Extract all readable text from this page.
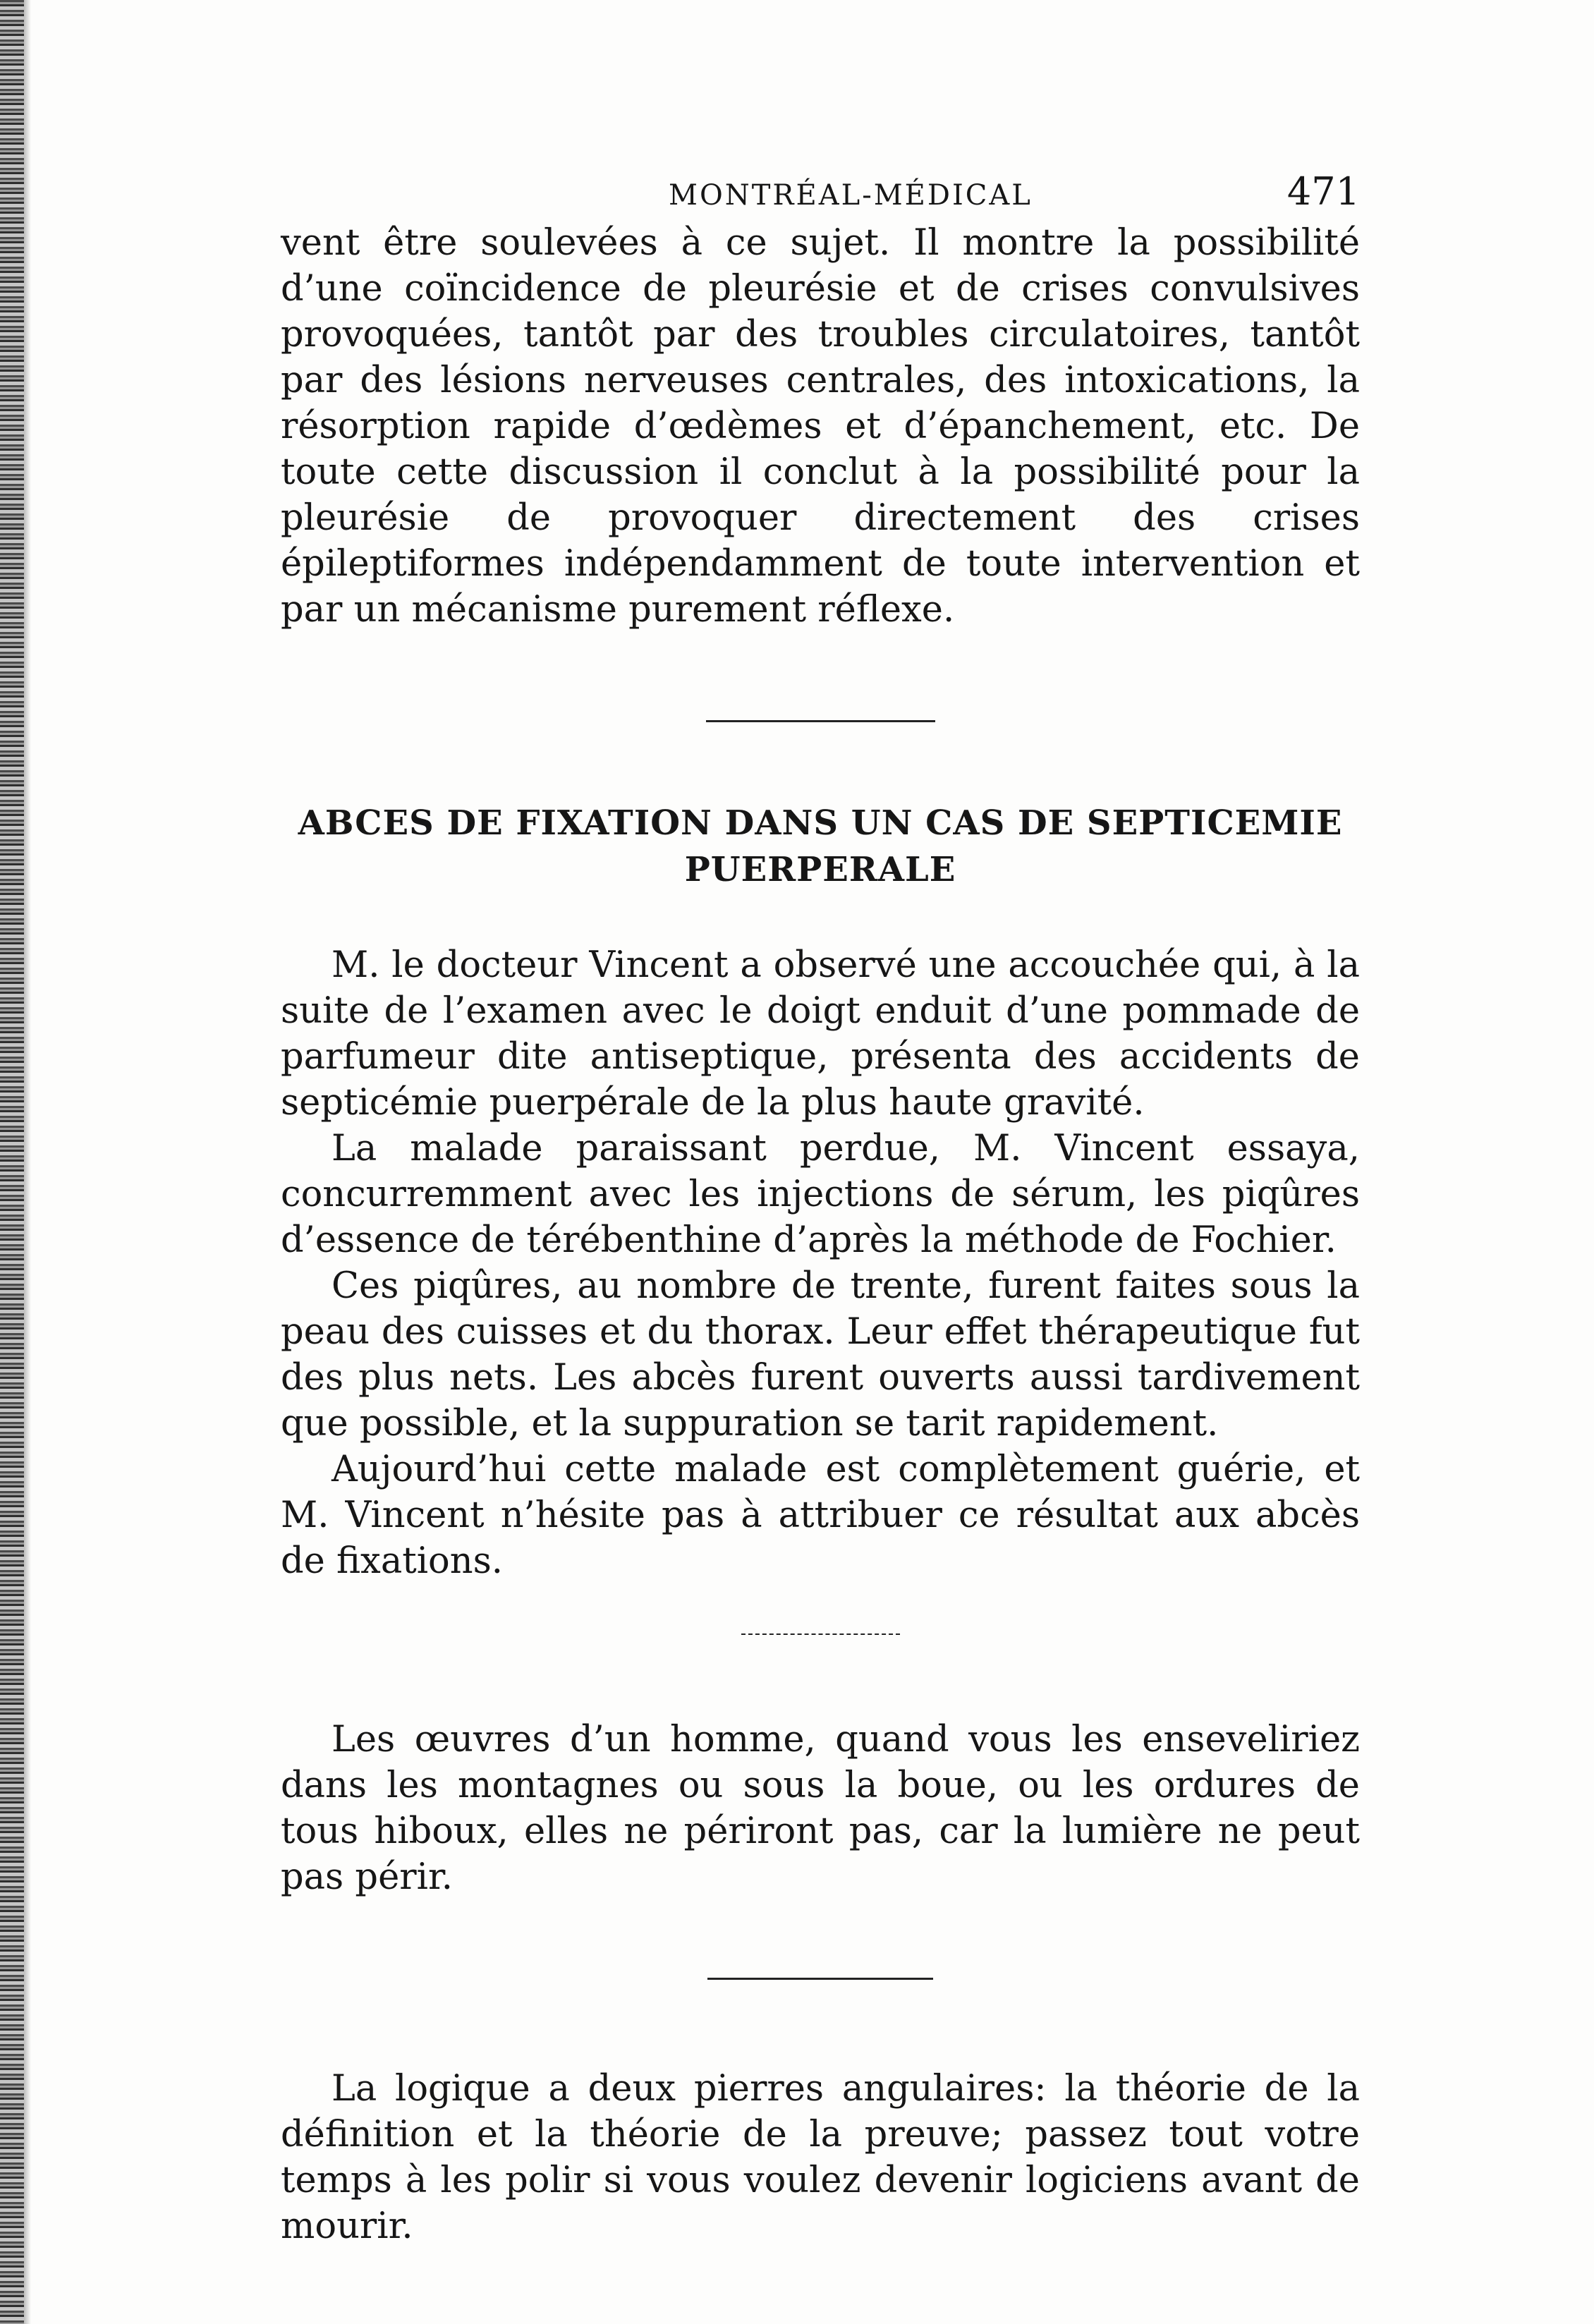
MONTRÉAL-MÉDICAL	471

vent être soulevées à ce sujet. Il montre la possibilité d’une coïncidence de pleurésie et de crises convulsives provoquées, tantôt par des troubles circulatoires, tantôt par des lésions nerveuses centrales, des intoxications, la résorption rapide d’œdèmes et d’épanchement, etc. De toute cette discussion il conclut à la possibilité pour la pleurésie de provoquer directement des crises épileptiformes indépendamment de toute intervention et par un mécanisme purement réflexe.

ABCES DE FIXATION DANS UN CAS DE SEPTICEMIE
PUERPERALE

M. le docteur Vincent a observé une accouchée qui, à la suite de l’examen avec le doigt enduit d’une pommade de parfumeur dite antiseptique, présenta des accidents de septicémie puerpérale de la plus haute gravité.

La malade paraissant perdue, M. Vincent essaya, concurremment avec les injections de sérum, les piqûres d’essence de térébenthine d’après la méthode de Fochier.

Ces piqûres, au nombre de trente, furent faites sous la peau des cuisses et du thorax. Leur effet thérapeutique fut des plus nets. Les abcès furent ouverts aussi tardivement que possible, et la suppuration se tarit rapidement.

Aujourd’hui cette malade est complètement guérie, et M. Vincent n’hésite pas à attribuer ce résultat aux abcès de fixations.

Les œuvres d’un homme, quand vous les enseveliriez dans les montagnes ou sous la boue, ou les ordures de tous hiboux, elles ne périront pas, car la lumière ne peut pas périr.

La logique a deux pierres angulaires: la théorie de la définition et la théorie de la preuve; passez tout votre temps à les polir si vous voulez devenir logiciens avant de mourir.
